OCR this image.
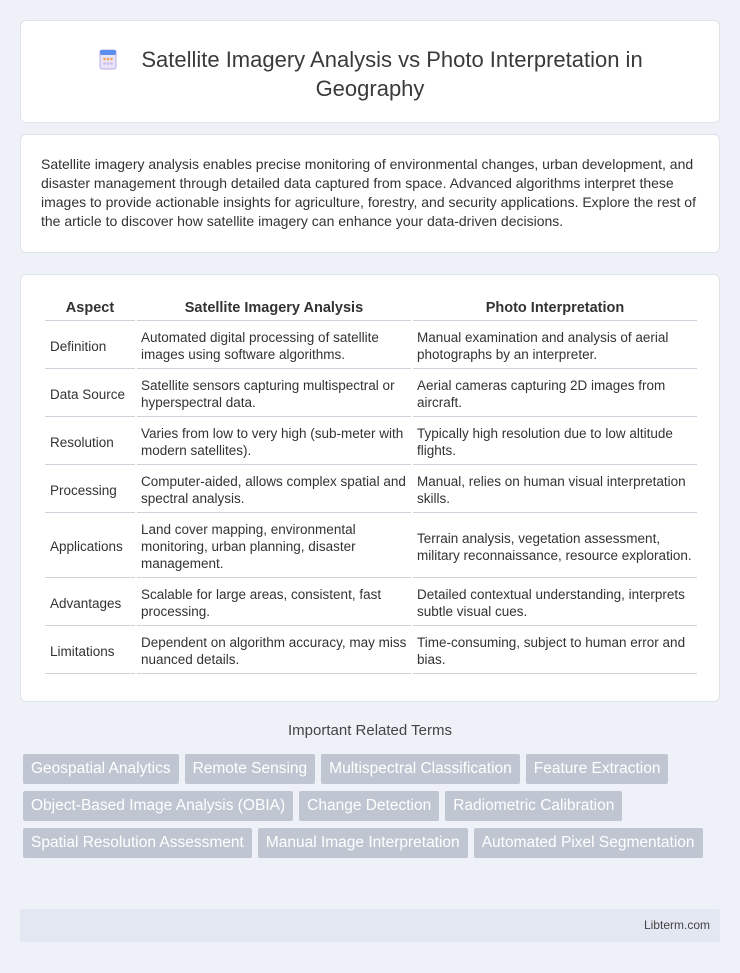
Satellite Imagery Analysis vs Photo Interpretation in Geography

Satellite imagery analysis enables precise monitoring of environmental changes, urban development, and disaster management through detailed data captured from space. Advanced algorithms interpret these images to provide actionable insights for agriculture, forestry, and security applications. Explore the rest of the article to discover how satellite imagery can enhance your data-driven decisions.

Aspect	Satellite Imagery Analysis	Photo Interpretation
Definition	Automated digital processing of satellite images using software algorithms.	Manual examination and analysis of aerial photographs by an interpreter.
Data Source	Satellite sensors capturing multispectral or hyperspectral data.	Aerial cameras capturing 2D images from aircraft.
Resolution	Varies from low to very high (sub-meter with modern satellites).	Typically high resolution due to low altitude flights.
Processing	Computer-aided, allows complex spatial and spectral analysis.	Manual, relies on human visual interpretation skills.
Applications	Land cover mapping, environmental monitoring, urban planning, disaster management.	Terrain analysis, vegetation assessment, military reconnaissance, resource exploration.
Advantages	Scalable for large areas, consistent, fast processing.	Detailed contextual understanding, interprets subtle visual cues.
Limitations	Dependent on algorithm accuracy, may miss nuanced details.	Time-consuming, subject to human error and bias.
Important Related Terms
Geospatial Analytics	Remote Sensing	Multispectral Classification	Feature Extraction
Object-Based Image Analysis (OBIA)	Change Detection	Radiometric Calibration
Spatial Resolution Assessment	Manual Image Interpretation	Automated Pixel Segmentation
Libterm.com
